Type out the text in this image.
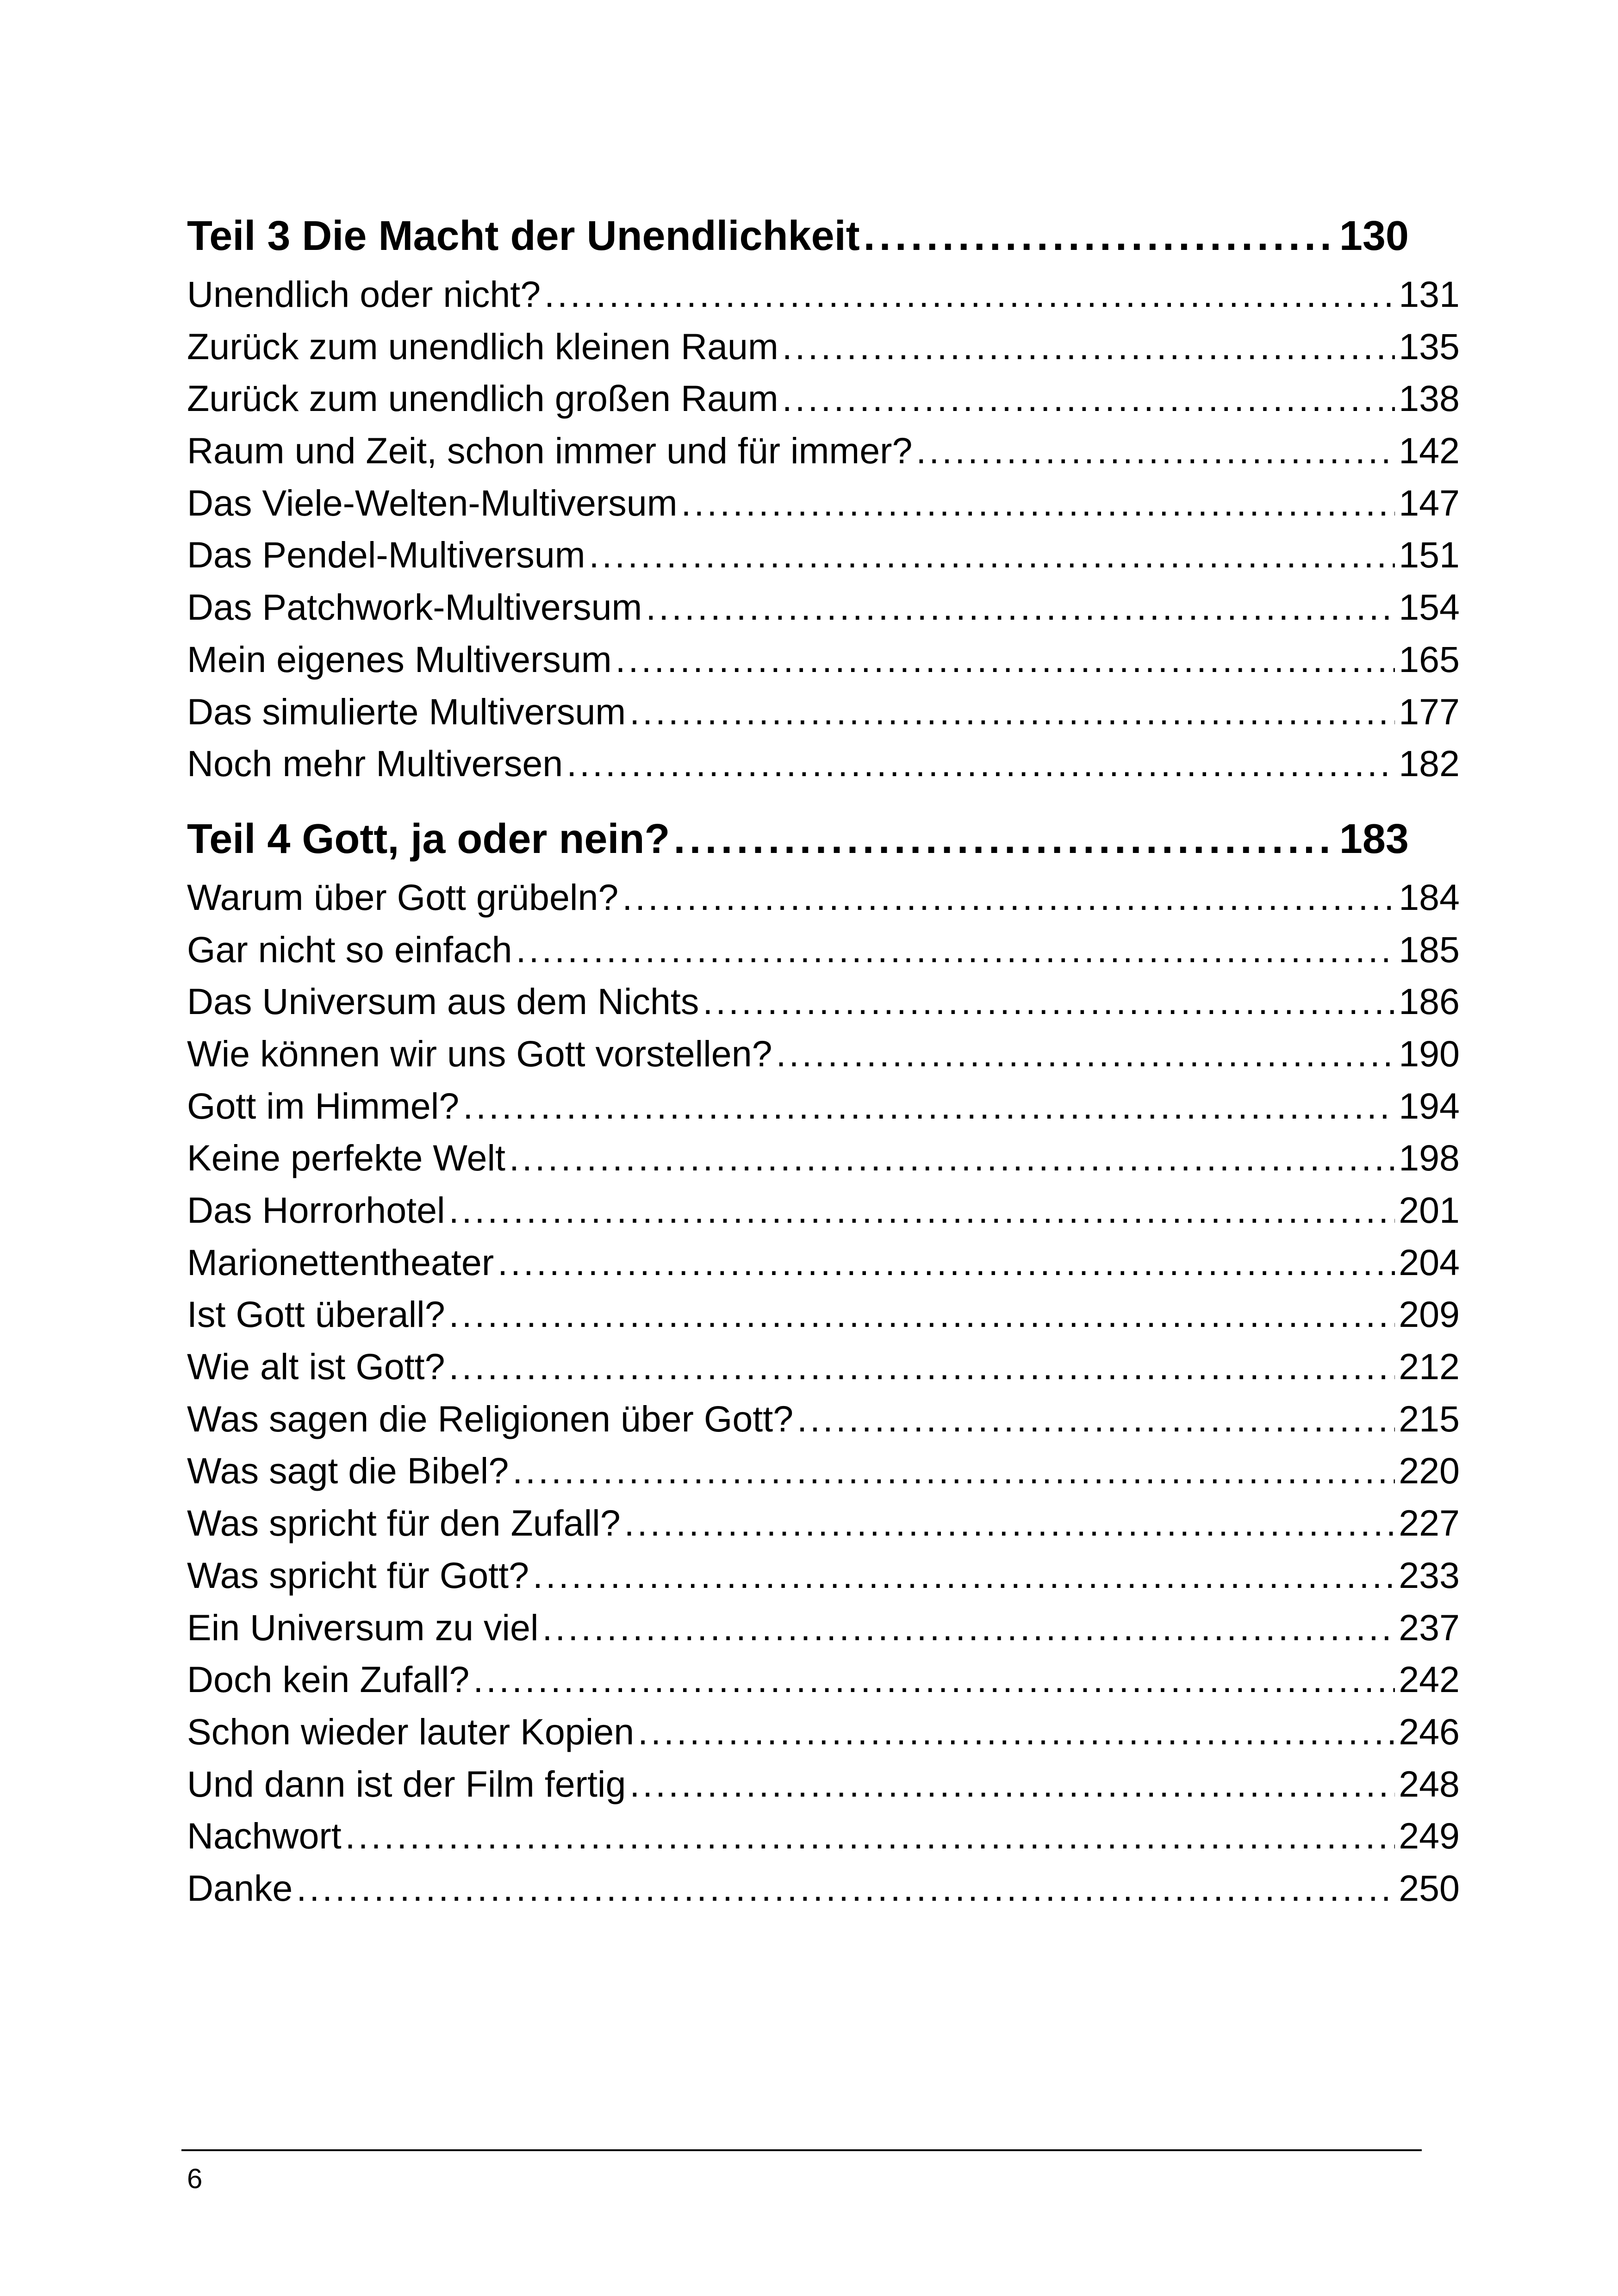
Teil 3 Die Macht der Unendlichkeit . . .	130
Unendlich oder nicht? . . .	131
Zurück zum unendlich kleinen Raum . . .	135
Zurück zum unendlich großen Raum . . .	138
Raum und Zeit, schon immer und für immer? . . .	142
Das Viele-Welten-Multiversum . . .	147
Das Pendel-Multiversum . . .	151
Das Patchwork-Multiversum . . .	154
Mein eigenes Multiversum . . .	165
Das simulierte Multiversum . . .	177
Noch mehr Multiversen . . .	182
Teil 4 Gott, ja oder nein? . . .	183
Warum über Gott grübeln? . . .	184
Gar nicht so einfach . . .	185
Das Universum aus dem Nichts . . .	186
Wie können wir uns Gott vorstellen? . . .	190
Gott im Himmel? . . .	194
Keine perfekte Welt . . .	198
Das Horrorhotel . . .	201
Marionettentheater . . .	204
Ist Gott überall? . . .	209
Wie alt ist Gott? . . .	212
Was sagen die Religionen über Gott? . . .	215
Was sagt die Bibel? . . .	220
Was spricht für den Zufall? . . .	227
Was spricht für Gott? . . .	233
Ein Universum zu viel . . .	237
Doch kein Zufall? . . .	242
Schon wieder lauter Kopien . . .	246
Und dann ist der Film fertig . . .	248
Nachwort . . .	249
Danke . . .	250
6
